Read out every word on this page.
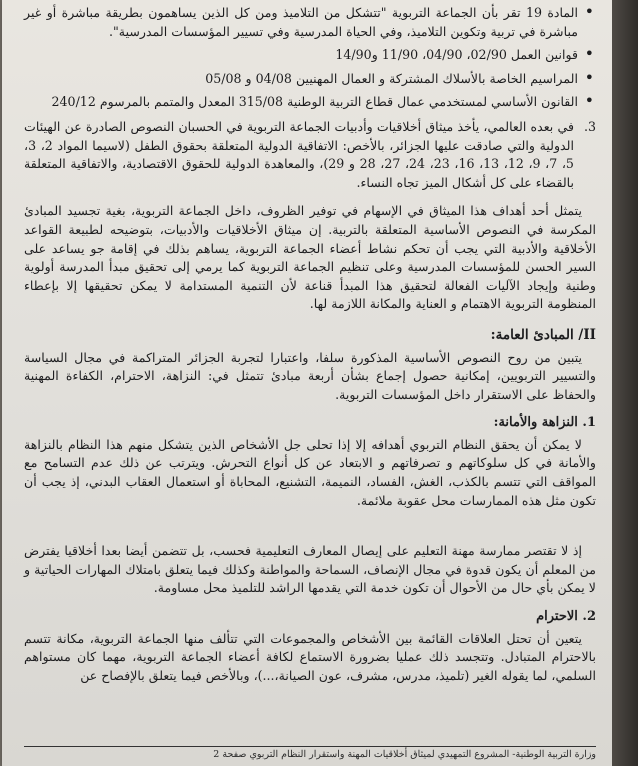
• المادة 19 تقر بأن الجماعة التربوية "تتشكل من التلاميذ ومن كل الذين يساهمون بطريقة مباشرة أو غير مباشرة في تربية وتكوين التلاميذ، وفي الحياة المدرسية وفي تسيير المؤسسات المدرسية".
• قوانين العمل 02/90، 04/90، 11/90 و14/90
• المراسيم الخاصة بالأسلاك المشتركة و العمال المهنيين 04/08 و 05/08
• القانون الأساسي لمستخدمي عمال قطاع التربية الوطنية 315/08 المعدل والمتمم بالمرسوم 240/12
3.
في بعده العالمي، يأخذ ميثاق أخلاقيات وأدبيات الجماعة التربوية في الحسبان النصوص الصادرة عن الهيئات الدولية والتي صادقت عليها الجزائر، بالأخص: الاتفاقية الدولية المتعلقة بحقوق الطفل (لاسيما المواد 2، 3، 5، 7، 9، 12، 13، 16، 23، 24، 27، 28 و 29)، والمعاهدة الدولية للحقوق الاقتصادية، والاتفاقية المتعلقة بالقضاء على كل أشكال الميز تجاه النساء.

يتمثل أحد أهداف هذا الميثاق في الإسهام في توفير الظروف، داخل الجماعة التربوية، بغية تجسيد المبادئ المكرسة في النصوص الأساسية المتعلقة بالتربية. إن ميثاق الأخلاقيات والأدبيات، بتوضيحه لطبيعة القواعد الأخلاقية والأدبية التي يجب أن تحكم نشاط أعضاء الجماعة التربوية، يساهم بذلك في إقامة جو يساعد على السير الحسن للمؤسسات المدرسية وعلى تنظيم الجماعة التربوية كما يرمي إلى تحقيق مبدأ المدرسة أولوية وطنية وإيجاد الآليات الفعالة لتحقيق هذا المبدأ قناعة لأن التنمية المستدامة لا يمكن تحقيقها إلا بإعطاء المنظومة التربوية الاهتمام و العناية والمكانة اللازمة لها.

II/ المبادئ العامة:

يتبين من روح النصوص الأساسية المذكورة سلفا، واعتبارا لتجربة الجزائر المتراكمة في مجال السياسة والتسيير التربويين، إمكانية حصول إجماع بشأن أربعة مبادئ تتمثل في: النزاهة، الاحترام، الكفاءة المهنية والحفاظ على الاستقرار داخل المؤسسات التربوية.

1. النزاهة والأمانة:

لا يمكن أن يحقق النظام التربوي أهدافه إلا إذا تحلى جل الأشخاص الذين يتشكل منهم هذا النظام بالنزاهة والأمانة في كل سلوكاتهم و تصرفاتهم و الابتعاد عن كل أنواع التحرش. ويترتب عن ذلك عدم التسامح مع المواقف التي تتسم بالكذب، الغش، الفساد، النميمة، التشنيع، المحاباة أو استعمال العقاب البدني، إذ يجب أن تكون مثل هذه الممارسات محل عقوبة ملائمة.

إذ لا تقتصر ممارسة مهنة التعليم على إيصال المعارف التعليمية فحسب، بل تتضمن أيضا بعدا أخلاقيا يفترض من المعلم أن يكون قدوة في مجال الإنصاف، السماحة والمواطنة وكذلك فيما يتعلق بامتلاك المهارات الحياتية و لا يمكن بأي حال من الأحوال أن تكون خدمة التي يقدمها الراشد للتلميذ محل مساومة.

2. الاحترام

يتعين أن تحتل العلاقات القائمة بين الأشخاص والمجموعات التي تتألف منها الجماعة التربوية، مكانة تتسم بالاحترام المتبادل. وتتجسد ذلك عمليا بضرورة الاستماع لكافة أعضاء الجماعة التربوية، مهما كان مستواهم السلمي، لما يقوله الغير (تلميذ، مدرس، مشرف، عون الصيانة،...)، وبالأخص فيما يتعلق بالإفصاح عن

وزارة التربية الوطنية- المشروع التمهيدي لميثاق أخلاقيات المهنة واستقرار النظام التربوي صفحة 2
